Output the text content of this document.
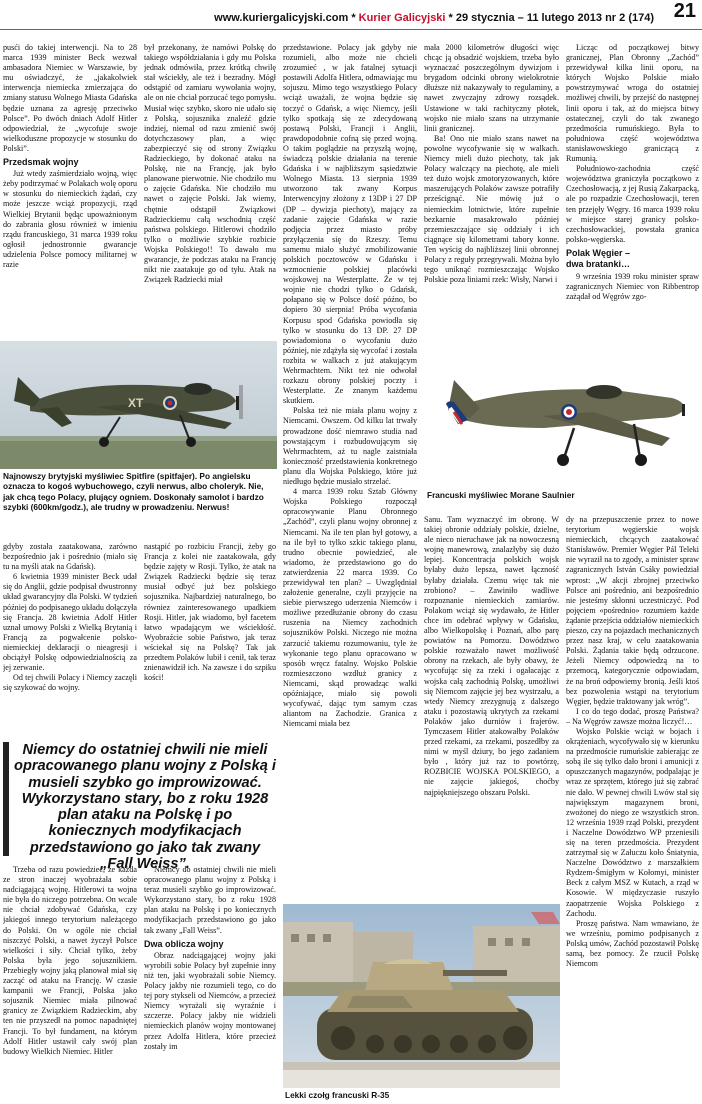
www.kuriergalicyjski.com * Kurier Galicyjski * 29 stycznia – 11 lutego 2013 nr 2 (174) 21

pusći do takiej interwencji. Na to 28 marca 1939 minister Beck wezwał ambasadora Niemiec w Warszawie, by mu oświadczyć, że „jakakolwiek interwencja niemiecka zmierzająca do zmiany statusu Wolnego Miasta Gdańska będzie uznana za agresję przeciwko Polsce”. Po dwóch dniach Adolf Hitler odpowiedział, że „wycofuje swoje wielkoduszne propozycje w stosunku do Polski”.

Przedsmak wojny

Już wtedy zaśmierdziało wojną, więc żeby podtrzymać w Polakach wolę oporu w stosunku do niemieckich żądań, czy może jeszcze wciąż propozycji, rząd Wielkiej Brytanii będąc upoważnionym do zabrania głosu również w imieniu rządu francuskiego, 31 marca 1939 roku ogłosił jednostronnie gwarancje udzielenia Polsce pomocy militarnej w razie

był przekonany, że namówi Polskę do takiego współdziałania i gdy mu Polska jednak odmówiła, przez krótką chwilę stał wściekły, ale też i bezradny. Mógł odstąpić od zamiaru wywołania wojny, ale on nie chciał porzucać tego pomysłu. Musiał więc szybko, skoro nie udało się z Polską, sojusznika znaleźć gdzie indziej, niemal od razu zmienić swój dotychczasowy plan, a więc zabezpieczyć się od strony Związku Radzieckiego, by dokonać ataku na Polskę, nie na Francję, jak było planowane pierwotnie. Nie chodziło mu o zajęcie Gdańska. Nie chodziło mu nawet o zajęcie Polski. Jak wiemy, chętnie odstąpił Związkowi Radzieckiemu całą wschodnią część państwa polskiego. Hitlerowi chodziło tylko o możliwie szybkie rozbicie Wojska Polskiego!! To dawało mu gwarancje, że podczas ataku na Francję nikt nie zaatakuje go od tyłu. Atak na Związek Radziecki miał

przedstawione. Polacy jak gdyby nie rozumieli, albo może nie chcieli zrozumieć , w jak fatalnej sytuacji postawili Adolfa Hitlera, odmawiając mu sojuszu. Mimo tego wszystkiego Polacy wciąż uważali, że wojna będzie się toczyć o Gdańsk, a więc Niemcy, jeśli tylko spotkają się ze zdecydowaną postawą Polski, Francji i Anglii, prawdopodobnie cofną się przed wojną. O takim poglądzie na przyszłą wojnę, świadczą polskie działania na terenie Gdańska i w najbliższym sąsiedztwie Wolnego Miasta. 13 sierpnia 1939 utworzono tak zwany Korpus Interwencyjny złożony z 13DP i 27 DP (DP – dywizja piechoty), mający za zadanie zajęcie Gdańska w razie podjęcia przez miasto próby przyłączenia się do Rzeszy. Temu samemu miało służyć zmobilizowanie polskich pocztowców w Gdańsku i wzmocnienie polskiej placówki wojskowej na Westerplatte. Że w tej wojnie nie chodzi tylko o Gdańsk, połapano się w Polsce dość późno, bo dopiero 30 sierpnia! Próba wycofania Korpusu spod Gdańska powiodła się tylko w stosunku do 13 DP. 27 DP powiadomiona o wycofaniu dużo później, nie zdążyła się wycofać i została rozbita w walkach z już atakującym Wehrmachtem. Nikt też nie odwołał rozkazu obrony polskiej poczty i Westerplatte. Ze znanym każdemu skutkiem.

Polska też nie miała planu wojny z Niemcami. Owszem. Od kilku lat trwały prowadzone dość niemrawo studia nad powstającym i rozbudowującym się Wehrmachtem, aż tu nagle zaistniała konieczność przedstawienia konkretnego planu dla Wojska Polskiego, które już niedługo będzie musiało strzelać.

4 marca 1939 roku Sztab Główny Wojska Polskiego rozpoczął opracowywanie Planu Obronnego „Zachód”, czyli planu wojny obronnej z Niemcami. Na ile ten plan był gotowy, a na ile był to tylko szkic takiego planu, trudno obecnie powiedzieć, ale wiadomo, że przedstawiono go do zatwierdzenia 22 marca 1939. Co przewidywał ten plan? – Uwzględniał założenie generalne, czyli przyjęcie na siebie pierwszego uderzenia Niemców i możliwe przedłużanie obrony do czasu ruszenia na Niemcy zachodnich sojuszników Polski. Niczego nie można zarzucić takiemu rozumowaniu, tyle że wykonanie tego planu opracowano w sposób wręcz fatalny. Wojsko Polskie rozmieszczono wzdłuż granicy z Niemcami, skąd prowadząc walki opóźniające, miało się powoli wycofywać, dając tym samym czas aliantom na Zachodzie. Granica z Niemcami miała bez

mała 2000 kilometrów długości więc chcąc ją obsadzić wojskiem, trzeba było wyznaczać poszczególnym dywizjom i brygadom odcinki obrony wielokrotnie dłuższe niż nakazywały to regulaminy, a nawet zwyczajny zdrowy rozsądek. Ustawione w taki rachityczny płotek, wojsko nie miało szans na utrzymanie linii granicznej.

Ba! Ono nie miało szans nawet na powolne wycofywanie się w walkach. Niemcy mieli dużo piechoty, tak jak Polacy walczący na piechotę, ale mieli też dużo wojsk zmotoryzowanych, które maszerujących Polaków zawsze potrafiły prześcignąć. Nie mówię już o niemieckim lotnictwie, które zupełnie bezkarnie masakrowało później przemieszczające się oddziały i ich ciągnące się kilometrami tabory konne. Ten wyścig do najbliższej linii obronnej Polacy z reguły przegrywali. Można było tego uniknąć rozmieszczając Wojsko Polskie poza liniami rzek: Wisły, Narwi i

Licząc od początkowej bitwy granicznej, Plan Obronny „Zachód” przewidywał kilka linii oporu, na których Wojsko Polskie miało powstrzymywać wroga do ostatniej możliwej chwili, by przejść do następnej linii oporu i tak, aż do miejsca bitwy ostatecznej, czyli do tak zwanego przedmościa rumuńskiego. Była to południowa część województwa stanisławowskiego graniczącą z Rumunią.

Południowo-zachodnia część województwa graniczyła początkowo z Czechosłowacją, z jej Rusią Zakarpacką, ale po rozpadzie Czechosłowacji, teren ten przejęły Węgry. 16 marca 1939 roku w miejsce starej granicy polsko-czechosłowackiej, powstała granica polsko-węgierska.

Polak Węgier –
dwa bratanki…

9 września 1939 roku minister spraw zagranicznych Niemiec von Ribbentrop zażądał od Węgrów zgo-

XT
Najnowszy brytyjski myśliwiec Spitfire (spitfajer). Po angielsku oznacza to kogoś wybuchowego, czyli nerwus, albo choleryk. Nie, jak chcą tego Polacy, plujący ogniem. Doskonały samolot i bardzo szybki (600km/godz.), ale trudny w prowadzeniu. Nerwus!
Francuski myśliwiec Morane Saulnier

gdyby została zaatakowana, zarówno bezpośrednio jak i pośrednio (miało się tu na myśli atak na Gdańsk).

6 kwietnia 1939 minister Beck udał się do Anglii, gdzie podpisał dwustronny układ gwarancyjny dla Polski. W tydzień później do podpisanego układu dołączyła się Francja. 28 kwietnia Adolf Hitler uznał umowy Polski z Wielką Brytanią i Francją za pogwałcenie polsko-niemieckiej deklaracji o nieagresji i obciążył Polskę odpowiedzialnością za jej zerwanie.

Od tej chwili Polacy i Niemcy zaczęli się szykować do wojny.

nastąpić po rozbiciu Francji, żeby go Francja z kolei nie zaatakowała, gdy będzie zajęty w Rosji. Tylko, że atak na Związek Radziecki będzie się teraz musiał odbyć już bez polskiego sojusznika. Najbardziej naturalnego, bo równiez zainteresowanego upadkiem Rosji. Hitler, jak wiadomo, był facetem łatwo wpadającym we wściekłość. Wyobraźcie sobie Państwo, jak teraz wściekał się na Polskę? Tak jak przedtem Polaków lubił i cenił, tak teraz znienawidził ich. Na zawsze i do szpiku kości!

Niemcy do ostatniej chwili nie mieli opracowanego planu wojny z Polską i musieli szybko go improwizować. Wykorzystano stary, bo z roku 1928 plan ataku na Polskę i po koniecznych modyfikacjach przedstawiono go jako tak zwany „Fall Weiss”.

Trzeba od razu powiedzieć, że każda ze stron inaczej wyobrażała sobie nadciągającą wojnę. Hitlerowi ta wojna nie była do niczego potrzebna. On wcale nie chciał zdobywać Gdańska, czy jakiegoś innego terytorium należącego do Polski. On w ogóle nie chciał niszczyć Polski, a nawet życzył Polsce wielkości i siły. Chciał tylko, żeby Polska była jego sojusznikiem. Przebiegły wojny jaką planował miał się zacząć od ataku na Francję. W czasie kampanii we Francji, Polska jako sojusznik Niemiec miała pilnować granicy ze Związkiem Radzieckim, aby ten nie przyszedł na pomoc napadniętej Francji. To był fundament, na którym Adolf Hitler ustawił cały swój plan budowy Wielkich Niemiec. Hitler

Niemcy do ostatniej chwili nie mieli opracowanego planu wojny z Polską i teraz musieli szybko go improwizować. Wykorzystano stary, bo z roku 1928 plan ataku na Polskę i po koniecznych modyfikacjach przedstawiono go jako tak zwany „Fall Weiss”.

Dwa oblicza wojny

Obraz nadciągającej wojny jaki wyrobili sobie Polacy był zupełnie inny niż ten, jaki wyobrażali sobie Niemcy. Polacy jakby nie rozumieli tego, co do tej pory stykseli od Niemców, a przecież Niemcy wyrażali się wyraźnie i szczerze. Polacy jakby nie widzieli niemieckich planów wojny montowanej przez Adolfa Hitlera, które przecież zostały im

Sanu. Tam wyznaczyć im obronę. W takiej obronie oddziały polskie, dzielne, ale nieco nieruchawe jak na nowoczesną wojnę manewrową, znalazłyby się dużo lepiej. Koncentracja polskich wojsk byłaby dużo lepsza, nawet łączność byłaby działała. Czemu więc tak nie zrobiono? – Zawiniło wadliwe rozpoznanie niemieckich zamiarów. Polakom wciąż się wydawało, że Hitler chce im odebrać wpływy w Gdańsku, albo Wielkopolskę i Poznań, albo parę powiatów na Pomorzu. Dowództwo polskie rozważało nawet możliwość obrony na rzekach, ale były obawy, że wycofując się za rzeki i ogałacając z wojska całą zachodnią Polskę, umożliwi się Niemcom zajęcie jej bez wystrzału, a wtedy Niemcy zrezygnują z dalszego ataku i pozostawią ukrytych za rzekami Polaków jako durniów i frajerów. Tymczasem Hitler atakowałby Polaków przed rzekami, za rzekami, poszedłby za nimi w myśl dziury, bo jego zadaniem było , który już raz to powtórzę, ROZBICIE WOJSKA POLSKIEGO, a nie zajęcie jakiegoś, choćby najpiękniejszego obszaru Polski.

dy na przepuszczenie przez to nowe terytorium węgierskie wojsk niemieckich, chcących zaatakować Stanisławów. Premier Węgier Pál Teleki nie wyraził na to zgody, a minister spraw zagranicznych István Csáky powiedział wprost: „W akcji zbrojnej przeciwko Polsce ani pośrednio, ani bezpośrednio nie jesteśmy skłonni uczestniczyć. Pod pojęciem «pośrednio» rozumiem każde żądanie przejścia oddziałów niemieckich pieszo, czy na pojazdach mechanicznych przez nasz kraj, w celu zaatakowania Polski. Żądania takie będą odrzucone. Jeżeli Niemcy odpowiedzą na to przemocą, kategorycznie odpowiadam, że na broń odpowiemy bronią. Jeśli ktoś bez pozwolenia wstąpi na terytorium Węgier, będzie traktowany jak wróg”.

I co do tego dodać, proszę Państwa? – Na Węgrów zawsze można liczyć!…

Wojsko Polskie wciąż w bojach i okrążeniach, wycofywało się w kierunku na przedmoście rumuńskie zabierając ze sobą ile się tylko dało broni i amunicji z opuszczanych magazynów, podpalając je wraz ze sprzętem, którego już się zabrać nie dało. W pewnej chwili Lwów stał się największym magazynem broni, zwożonej do niego ze wszystkich stron. 12 września 1939 rząd Polski, prezydent i Naczelne Dowództwo WP przeniesili się na teren przedmościa. Prezydent zatrzymał się w Załuczu koło Śniatynia, Naczelne Dowództwo z marszałkiem Rydzem-Śmigłym w Kołomyi, minister Beck z całym MSZ w Kutach, a rząd w Kosowie. W międzyczasie ruszyło zaopatrzenie Wojska Polskiego z Zachodu.

Proszę państwa. Nam wmawiano, że we wrześniu, pomimo podpisanych z Polską umów, Zachód pozostawił Polskę samą, bez pomocy. Że rzucił Polskę Niemcom

Lekki czołg francuski R-35
